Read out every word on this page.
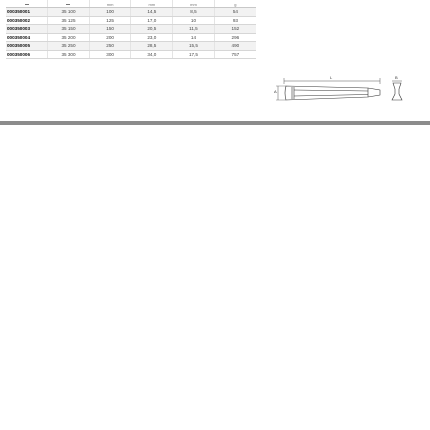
		mm	mm	mm	g
000350001	35 100	100	14,5	8,5	54
000350002	35 125	125	17,0	10	93
000350003	35 150	150	20,5	11,5	152
000350004	35 200	200	23,0	14	296
000350005	35 250	250	28,5	15,5	490
000350006	35 300	300	34,0	17,5	757
L
A
B
